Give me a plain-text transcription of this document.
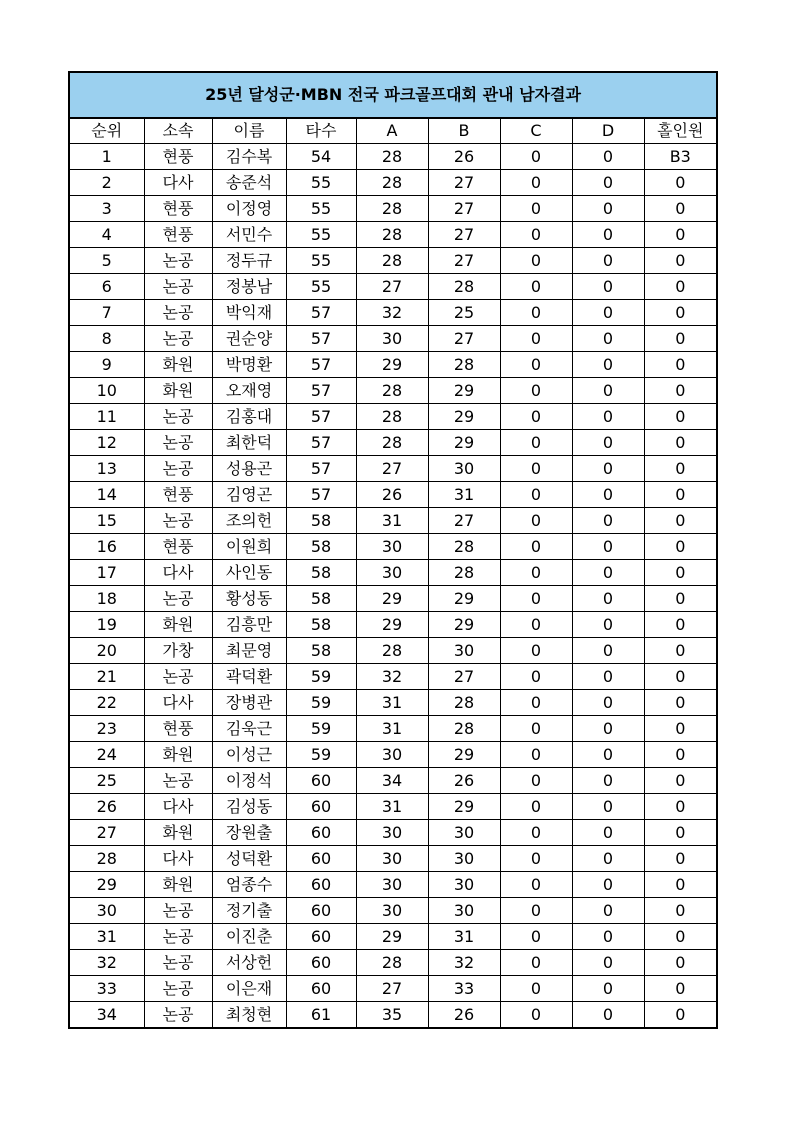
25년 달성군·MBN 전국 파크골프대회 관내 남자결과								
순위	소속	이름	타수	A	B	C	D	홀인원
1	현풍	김수복	54	28	26	0	0	B3
2	다사	송준석	55	28	27	0	0	0
3	현풍	이정영	55	28	27	0	0	0
4	현풍	서민수	55	28	27	0	0	0
5	논공	정두규	55	28	27	0	0	0
6	논공	정봉남	55	27	28	0	0	0
7	논공	박익재	57	32	25	0	0	0
8	논공	권순양	57	30	27	0	0	0
9	화원	박명환	57	29	28	0	0	0
10	화원	오재영	57	28	29	0	0	0
11	논공	김홍대	57	28	29	0	0	0
12	논공	최한덕	57	28	29	0	0	0
13	논공	성용곤	57	27	30	0	0	0
14	현풍	김영곤	57	26	31	0	0	0
15	논공	조의헌	58	31	27	0	0	0
16	현풍	이원희	58	30	28	0	0	0
17	다사	사인동	58	30	28	0	0	0
18	논공	황성동	58	29	29	0	0	0
19	화원	김흥만	58	29	29	0	0	0
20	가창	최문영	58	28	30	0	0	0
21	논공	곽덕환	59	32	27	0	0	0
22	다사	장병관	59	31	28	0	0	0
23	현풍	김욱근	59	31	28	0	0	0
24	화원	이성근	59	30	29	0	0	0
25	논공	이정석	60	34	26	0	0	0
26	다사	김성동	60	31	29	0	0	0
27	화원	장원출	60	30	30	0	0	0
28	다사	성덕환	60	30	30	0	0	0
29	화원	엄종수	60	30	30	0	0	0
30	논공	정기출	60	30	30	0	0	0
31	논공	이진춘	60	29	31	0	0	0
32	논공	서상헌	60	28	32	0	0	0
33	논공	이은재	60	27	33	0	0	0
34	논공	최청현	61	35	26	0	0	0
